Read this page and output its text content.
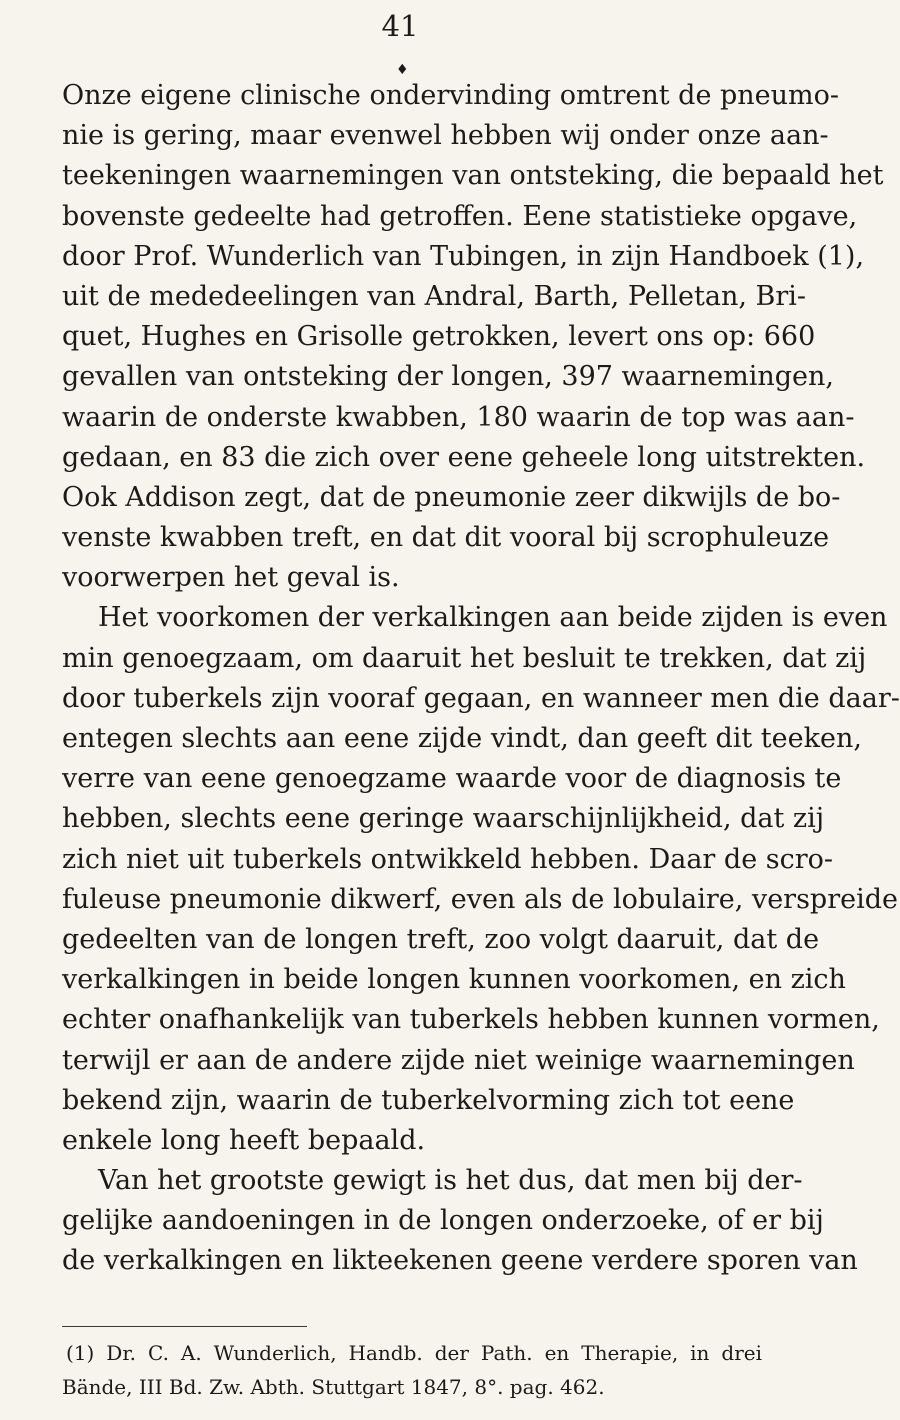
41
♦
Onze eigene clinische ondervinding omtrent de pneumo-
nie is gering, maar evenwel hebben wij onder onze aan-
teekeningen waarnemingen van ontsteking, die bepaald het
bovenste gedeelte had getroffen. Eene statistieke opgave,
door Prof. Wunderlich van Tubingen, in zijn Handboek (1),
uit de mededeelingen van Andral, Barth, Pelletan, Bri-
quet, Hughes en Grisolle getrokken, levert ons op: 660
gevallen van ontsteking der longen, 397 waarnemingen,
waarin de onderste kwabben, 180 waarin de top was aan-
gedaan, en 83 die zich over eene geheele long uitstrekten.
Ook Addison zegt, dat de pneumonie zeer dikwijls de bo-
venste kwabben treft, en dat dit vooral bij scrophuleuze
voorwerpen het geval is.
Het voorkomen der verkalkingen aan beide zijden is even
min genoegzaam, om daaruit het besluit te trekken, dat zij
door tuberkels zijn vooraf gegaan, en wanneer men die daar-
entegen slechts aan eene zijde vindt, dan geeft dit teeken,
verre van eene genoegzame waarde voor de diagnosis te
hebben, slechts eene geringe waarschijnlijkheid, dat zij
zich niet uit tuberkels ontwikkeld hebben. Daar de scro-
fuleuse pneumonie dikwerf, even als de lobulaire, verspreide
gedeelten van de longen treft, zoo volgt daaruit, dat de
verkalkingen in beide longen kunnen voorkomen, en zich
echter onafhankelijk van tuberkels hebben kunnen vormen,
terwijl er aan de andere zijde niet weinige waarnemingen
bekend zijn, waarin de tuberkelvorming zich tot eene
enkele long heeft bepaald.
Van het grootste gewigt is het dus, dat men bij der-
gelijke aandoeningen in de longen onderzoeke, of er bij
de verkalkingen en likteekenen geene verdere sporen van
(1) Dr. C. A. Wunderlich, Handb. der Path. en Therapie, in drei
Bände, III Bd. Zw. Abth. Stuttgart 1847, 8°. pag. 462.
